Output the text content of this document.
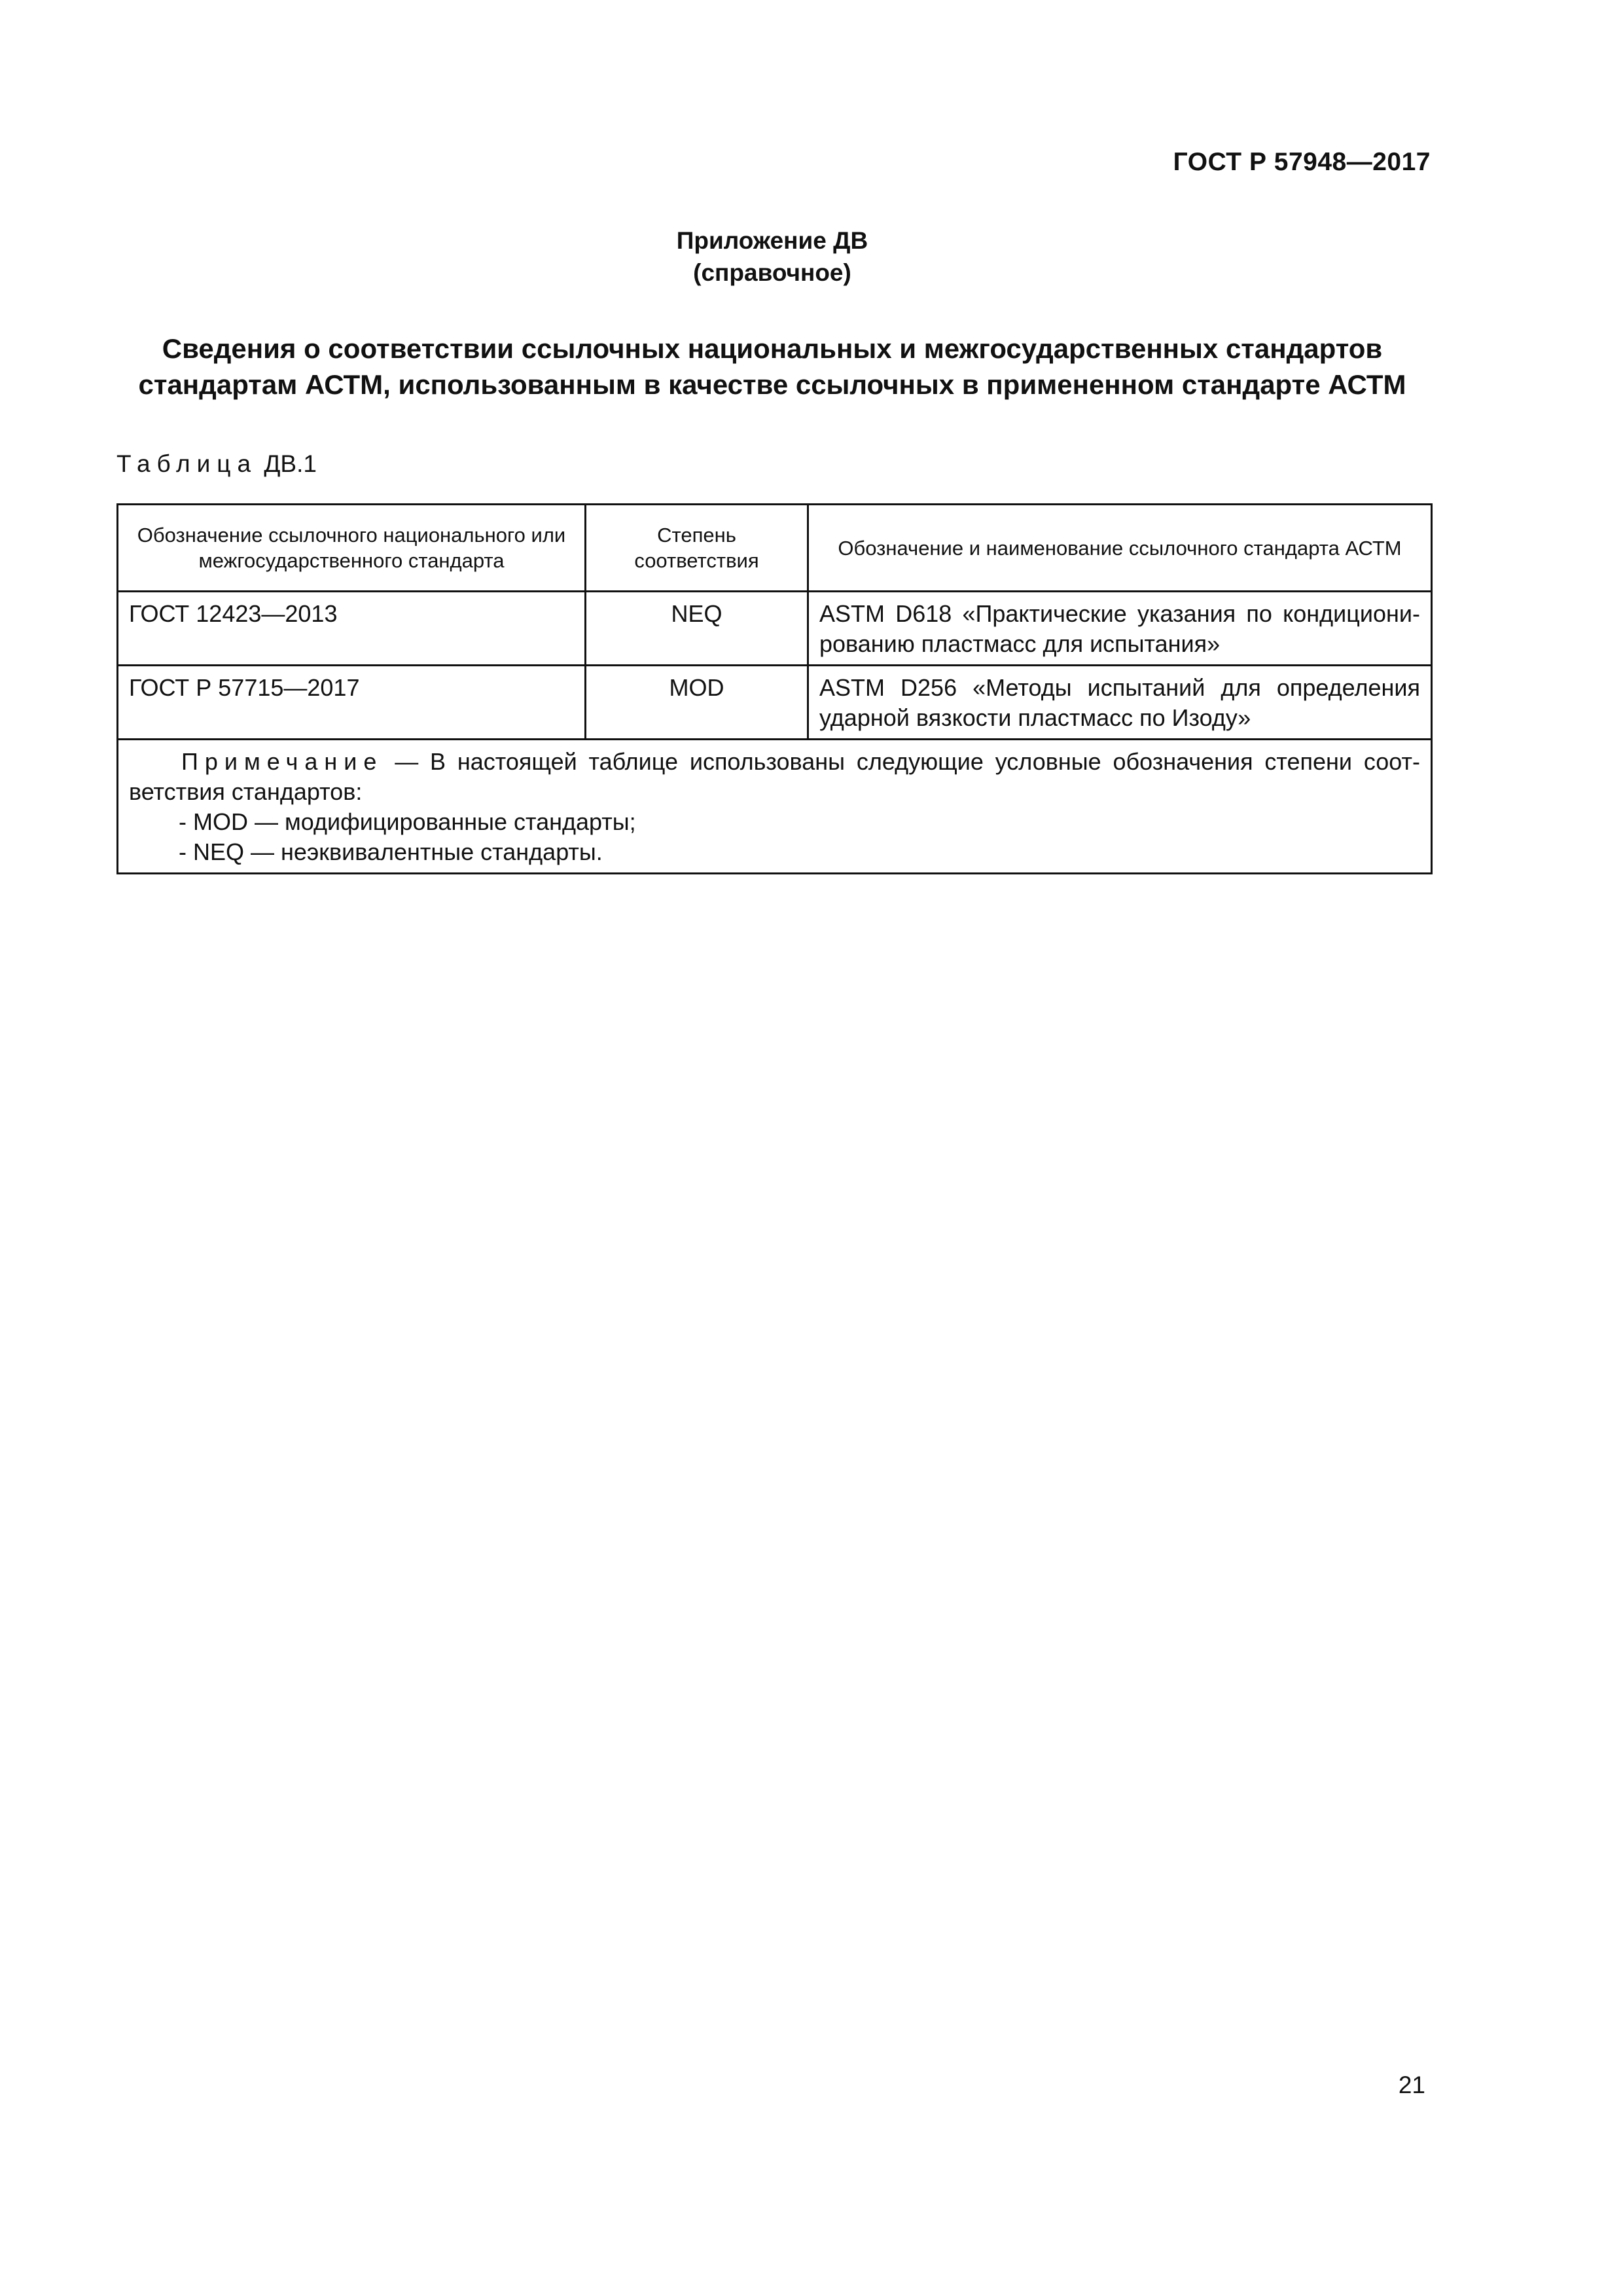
ГОСТ Р 57948—2017
Приложение ДВ
(справочное)
Сведения о соответствии ссылочных национальных и межгосударственных стандартов
стандартам АСТМ, использованным в качестве ссылочных в примененном стандарте АСТМ
Таблица ДВ.1
Обозначение ссылочного национального или межгосударственного стандарта	Степень соответствия	Обозначение и наименование ссылочного стандарта АСТМ
ГОСТ 12423—2013	NEQ	ASTM D618 «Практические указания по кондициони-рованию пластмасс для испытания»
ГОСТ Р 57715—2017	MOD	ASTM D256 «Методы испытаний для определения ударной вязкости пластмасс по Изоду»

Примечание — В настоящей таблице использованы следующие условные обозначения степени соот-ветствия стандартов:
- MOD — модифицированные стандарты;
- NEQ — неэквивалентные стандарты.		
21
